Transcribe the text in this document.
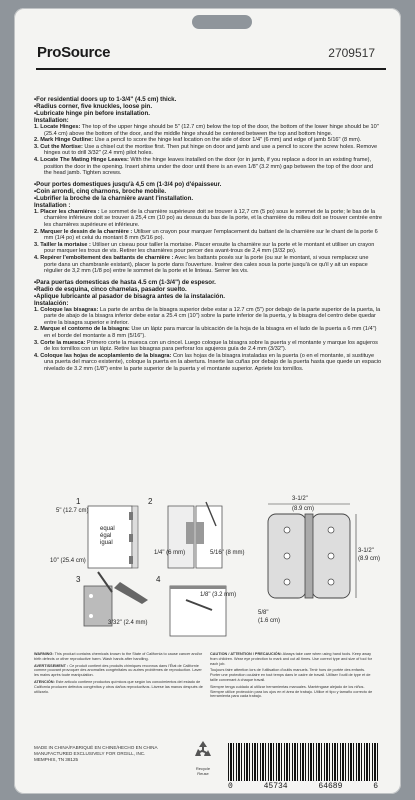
ProSource	2709517
• For residential doors up to 1-3/4" (4.5 cm) thick.
• Radius corner, five knuckles, loose pin.
• Lubricate hinge pin before installation.
Installation:
1. Locate Hinges: The top of the upper hinge should be 5" (12.7 cm) below the top of the door, the bottom of the lower hinge should be 10" (25.4 cm) above the bottom of the door, and the middle hinge should be centered between the top and bottom hinge.
2. Mark Hinge Outline: Use a pencil to score the hinge leaf location on the side of door 1/4" (6 mm) and edge of jamb 5/16" (8 mm).
3. Cut the Mortise: Use a chisel cut the mortise first. Then put hinge on door and jamb and use a pencil to score the screw holes. Remove hinges out to drill 3/32" (2.4 mm) pilot holes.
4. Locate The Mating Hinge Leaves: With the hinge leaves installed on the door (or in jamb, if you replace a door in an existing frame), position the door in the opening. Insert shims under the door until there is an even 1/8" (3.2 mm) gap between the top of the door and the head jamb. Tighten screws.
• Pour portes domestiques jusqu'à 4,5 cm (1-3/4 po) d'épaisseur.
• Coin arrondi, cinq charnons, broche mobile.
• Lubrifier la broche de la charnière avant l'installation.
Installation :
1. Placer les charnières : Le sommet de la charnière supérieure doit se trouver à 12,7 cm (5 po) sous le sommet de la porte; le bas de la charnière inférieure doit se trouver à 25,4 cm (10 po) au dessus du bas de la porte, et la charnière du milieu doit se trouver centrée entre les charnières supérieure et inférieure.
2. Marquer le dessin de la charnière : Utiliser un crayon pour marquer l'emplacement du battant de la charnière sur le chant de la porte 6 mm (1/4 po) et celui du montant 8 mm (5/16 po).
3. Tailler la mortaise : Utiliser un ciseau pour tailler la mortaise. Placer ensuite la charnière sur la porte et le montant et utiliser un crayon pour marquer les trous de vis. Retirer les charnières pour percer des avant-trous de 2,4 mm (3/32 po).
4. Repérer l'emboîtement des battants de charnière : Avec les battants posés sur la porte (ou sur le montant, si vous remplacez une porte dans un chambranle existant), placer la porte dans l'ouverture. Insérer des cales sous la porte jusqu'à ce qu'il y ait un espace régulier de 3,2 mm (1/8 po) entre le sommet de la porte et le linteau. Serrer les vis.
• Para puertas domesticas de hasta 4.5 cm (1-3/4") de espesor.
• Radio de esquina, cinco charnelas, pasador suelto.
• Aplique lubricante al pasador de bisagra antes de la instalación.
Instalación:
1. Coloque las bisagras: La parte de arriba de la bisagra superior debe estar a 12.7 cm (5") por debajo de la parte superior de la puerta, la parte de abajo de la bisagra inferior debe estar a 25.4 cm (10") sobre la parte inferior de la puerta, y la bisagra del centro debe quedar entre la bisagra superior e inferior.
2. Marque el contorno de la bisagra: Use un lápiz para marcar la ubicación de la hoja de la bisagra en el lado de la puerta a 6 mm (1/4") en el borde del montante a 8 mm (5/16").
3. Corte la muesca: Primero corte la muesca con un cincel. Luego coloque la bisagra sobre la puerta y el montante y marque los agujeros de los tornillos con un lápiz. Retire las bisagras para perforar los agujeros guía de 2.4 mm (3/32").
4. Coloque las hojas de acoplamiento de la bisagra: Con las hojas de la bisagra instaladas en la puerta (o en el montante, si sustituye una puerta del marco existente), coloque la puerta en la abertura. Inserte las cuñas por debajo de la puerta hasta que quede un espacio nivelado de 3.2 mm (1/8") entre la parte superior de la puerta y el montante superior. Apriete los tornillos.
1
5" (12.7 cm)
equal
égal
igual
10" (25.4 cm)
2
1/4" (6 mm)	5/16" (8 mm)
3
3/32" (2.4 mm)
4
1/8" (3.2 mm)
3-1/2"
(8.9 cm)
3-1/2"
(8.9 cm)
5/8"
(1.6 cm)

WARNING: This product contains chemicals known to the State of California to cause cancer and/or birth defects or other reproductive harm. Wash hands after handling.

AVERTISSEMENT : Ce produit contient des produits chimiques reconnus dans l'État de Californie comme pouvant provoquer des anomalies congénitales ou autres problèmes de reproduction. Laver les mains après toute manipulation.

ATENCIÓN: Este artículo contiene productos químicos que según los conocimientos del estado de California producen defectos congénitos y otros daños reproductivos. Lávese las manos después de utilizarlo.

CAUTION / ATTENTION / PRECAUCIÓN: Always take care when using hand tools. Keep away from children. Wear eye protection to mark and cut all times. Use correct type and size of tool for each job.

Toujours faire attention lors de l'utilisation d'outils manuels. Tenir hors de portée des enfants. Porter une protection oculaire en tout temps dans le cadre de travail. Utiliser l'outil de type et de taille convenant à chaque travail.

Siempre tenga cuidado al utilizar herramientas manuales. Manténgase alejado de los niños. Siempre utilice protección para los ojos en el área de trabajo. Utilice el tipo y tamaño correcto de herramienta para cada trabajo.

MADE IN CHINA/FABRIQUÉ EN CHINE/HECHO EN CHINA
MANUFACTURED EXCLUSIVELY FOR ORGILL, INC.
MEMPHIS, TN 38125
Recycle
Reuse
0	45734	64689	6
